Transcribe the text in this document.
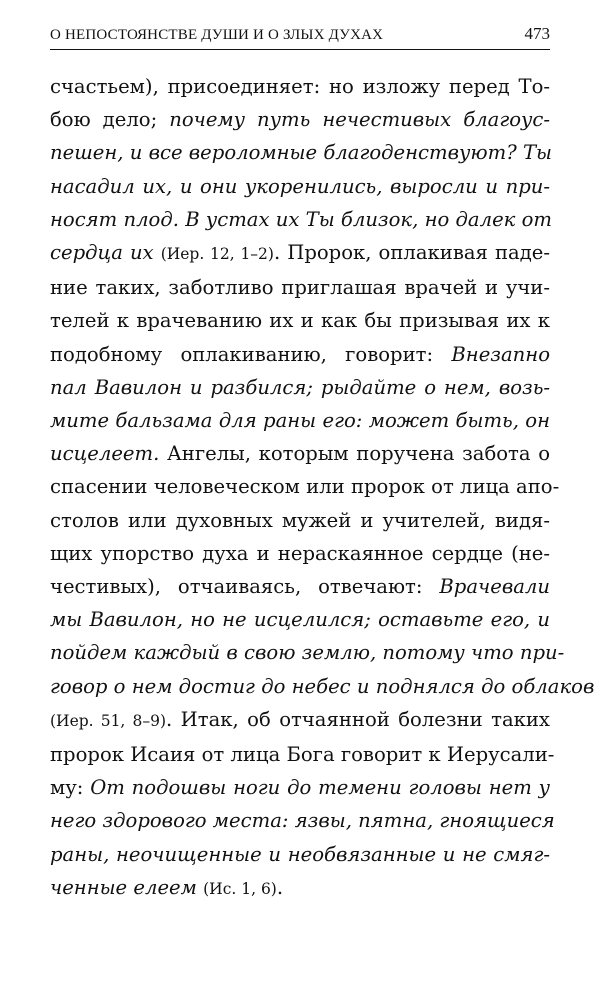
О НЕПОСТОЯНСТВЕ ДУШИ И О ЗЛЫХ ДУХАХ	473
счастьем), присоединяет: но изложу перед То-
бою дело; почему путь нечестивых благоус-
пешен, и все вероломные благоденствуют? Ты
насадил их, и они укоренились, выросли и при-
носят плод. В устах их Ты близок, но далек от
сердца их (Иер. 12, 1–2). Пророк, оплакивая паде-
ние таких, заботливо приглашая врачей и учи-
телей к врачеванию их и как бы призывая их к
подобному оплакиванию, говорит: Внезапно
пал Вавилон и разбился; рыдайте о нем, возь-
мите бальзама для раны его: может быть, он
исцелеет. Ангелы, которым поручена забота о
спасении человеческом или пророк от лица апо-
столов или духовных мужей и учителей, видя-
щих упорство духа и нераскаянное сердце (не-
честивых), отчаиваясь, отвечают: Врачевали
мы Вавилон, но не исцелился; оставьте его, и
пойдем каждый в свою землю, потому что при-
говор о нем достиг до небес и поднялся до облаков
(Иер. 51, 8–9). Итак, об отчаянной болезни таких
пророк Исаия от лица Бога говорит к Иерусали-
му: От подошвы ноги до темени головы нет у
него здорового места: язвы, пятна, гноящиеся
раны, неочищенные и необвязанные и не смяг-
ченные елеем (Ис. 1, 6).
